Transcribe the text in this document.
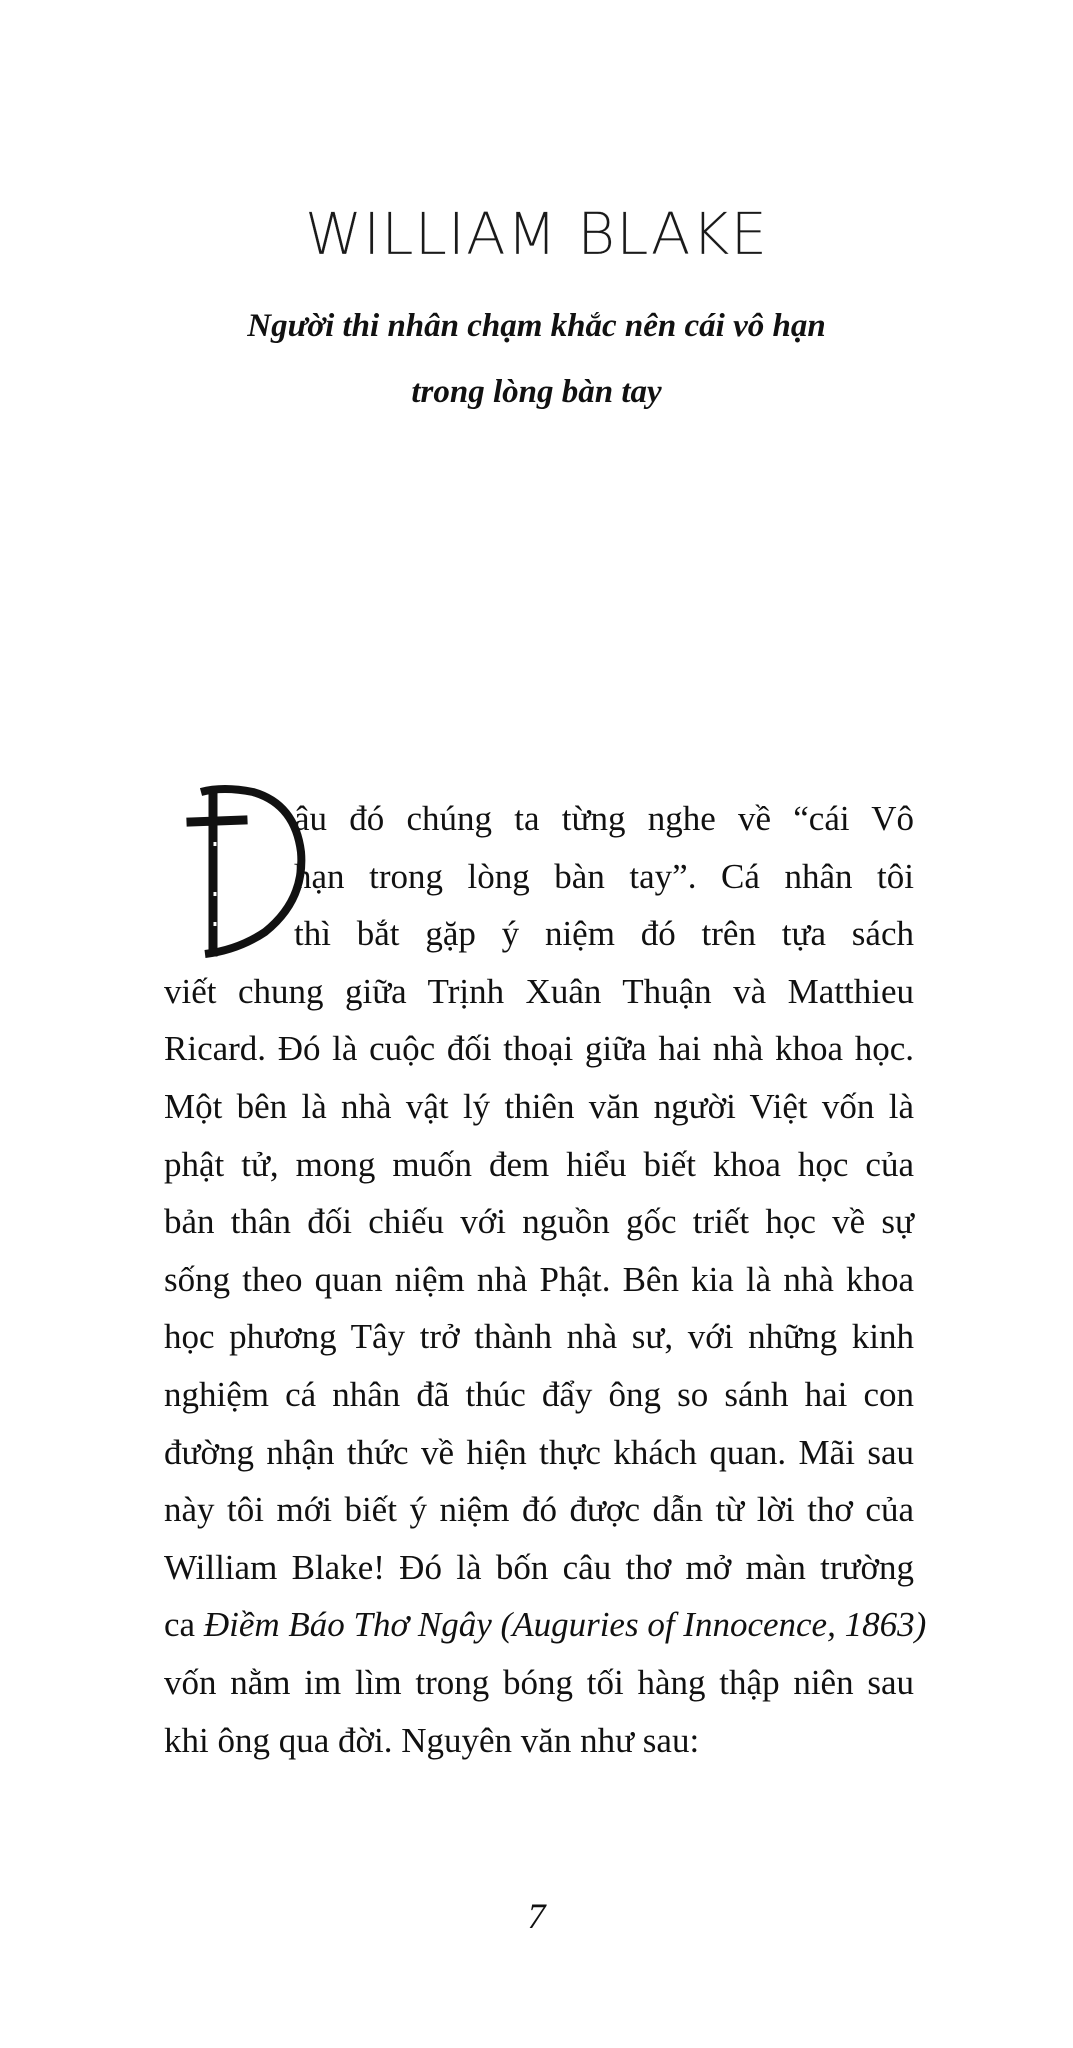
WILLIAM BLAKE
Người thi nhân chạm khắc nên cái vô hạn
trong lòng bàn tay
âu đó chúng ta từng nghe về “cái Vô
hạn trong lòng bàn tay”. Cá nhân tôi
thì bắt gặp ý niệm đó trên tựa sách
viết chung giữa Trịnh Xuân Thuận và Matthieu
Ricard. Đó là cuộc đối thoại giữa hai nhà khoa học.
Một bên là nhà vật lý thiên văn người Việt vốn là
phật tử, mong muốn đem hiểu biết khoa học của
bản thân đối chiếu với nguồn gốc triết học về sự
sống theo quan niệm nhà Phật. Bên kia là nhà khoa
học phương Tây trở thành nhà sư, với những kinh
nghiệm cá nhân đã thúc đẩy ông so sánh hai con
đường nhận thức về hiện thực khách quan. Mãi sau
này tôi mới biết ý niệm đó được dẫn từ lời thơ của
William Blake! Đó là bốn câu thơ mở màn trường
ca Điềm Báo Thơ Ngây (Auguries of Innocence, 1863)
vốn nằm im lìm trong bóng tối hàng thập niên sau
khi ông qua đời. Nguyên văn như sau:
7
